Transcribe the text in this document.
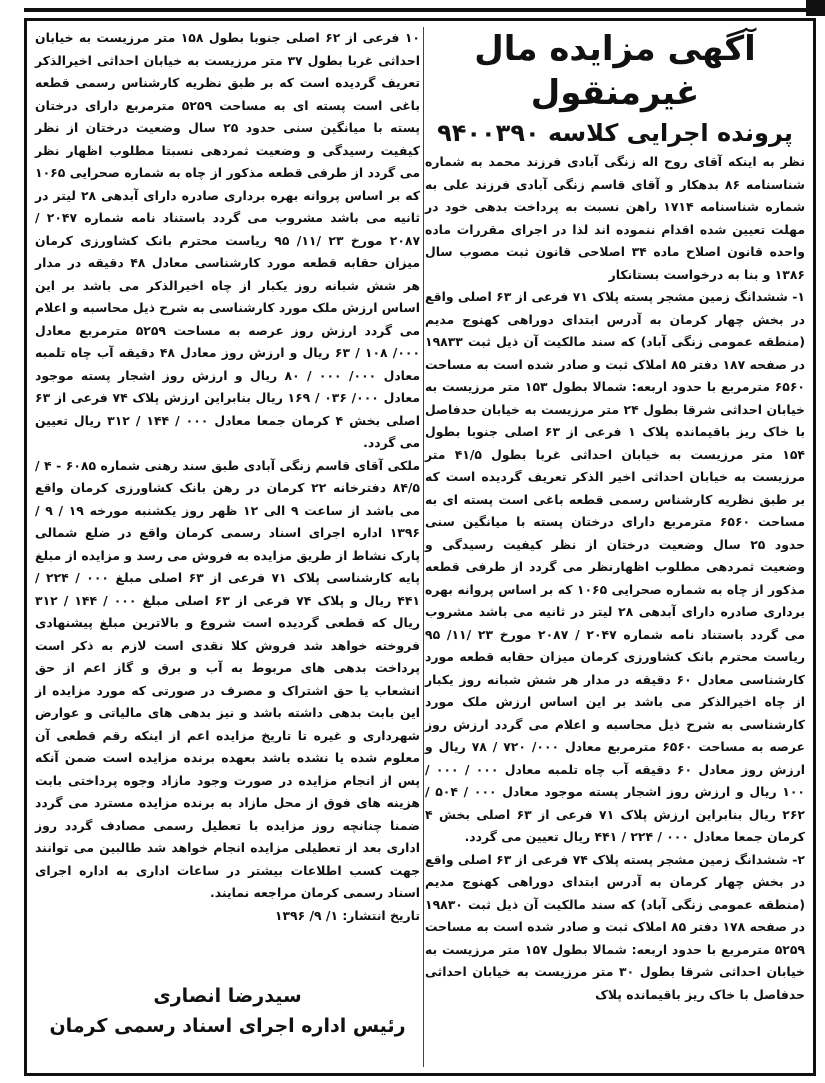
آگهی مزایده مال غیرمنقول

پرونده اجرایی کلاسه ۹۴۰۰۳۹۰

نظر به اینکه آقای روح اله زنگی آبادی فرزند محمد به شماره شناسنامه ۸۶ بدهکار و آقای قاسم زنگی آبادی فرزند علی به شماره شناسنامه ۱۷۱۴ راهن نسبت به پرداخت بدهی خود در مهلت تعیین شده اقدام ننموده اند لذا در اجرای مقررات ماده واحده قانون اصلاح ماده ۳۴ اصلاحی قانون ثبت مصوب سال ۱۳۸۶ و بنا به درخواست بستانکار

۱- ششدانگ زمین مشجر پسته پلاک ۷۱ فرعی از ۶۳ اصلی واقع در بخش چهار کرمان به آدرس ابتدای دوراهی کهنوج مدیم (منطقه عمومی زنگی آباد) که سند مالکیت آن ذیل ثبت ۱۹۸۳۳ در صفحه ۱۸۷ دفتر ۸۵ املاک ثبت و صادر شده است به مساحت ۶۵۶۰ مترمربع با حدود اربعه: شمالا بطول ۱۵۳ متر مرزیست به خیابان احداثی شرقا بطول ۲۴ متر مرزیست به خیابان حدفاصل با خاک ریز باقیمانده پلاک ۱ فرعی از ۶۳ اصلی جنوبا بطول ۱۵۴ متر مرزیست به خیابان احداثی غربا بطول ۴۱/۵ متر مرزیست به خیابان احداثی اخیر الذکر تعریف گردیده است که بر طبق نظریه کارشناس رسمی قطعه باغی است پسته ای به مساحت ۶۵۶۰ مترمربع دارای درختان پسته با میانگین سنی حدود ۲۵ سال وضعیت درختان از نظر کیفیت رسیدگی و وضعیت ثمردهی مطلوب اظهارنظر می گردد از طرفی قطعه مذکور از چاه به شماره صحرایی ۱۰۶۵ که بر اساس پروانه بهره برداری صادره دارای آبدهی ۲۸ لیتر در ثانیه می باشد مشروب می گردد باستناد نامه شماره ۲۰۴۷ / ۲۰۸۷ مورخ ۲۳ /۱۱/ ۹۵ ریاست محترم بانک کشاورزی کرمان میزان حقابه قطعه مورد کارشناسی معادل ۶۰ دقیقه در مدار هر شش شبانه روز یکبار از چاه اخیرالذکر می باشد بر این اساس ارزش ملک مورد کارشناسی به شرح ذیل محاسبه و اعلام می گردد ارزش روز عرصه به مساحت ۶۵۶۰ مترمربع معادل ۰۰۰/ ۷۲۰ / ۷۸ ریال و ارزش روز معادل ۶۰ دقیقه آب چاه تلمبه معادل ۰۰۰ / ۰۰۰ / ۱۰۰ ریال و ارزش روز اشجار پسته موجود معادل ۰۰۰ / ۵۰۴ / ۲۶۲ ریال بنابراین ارزش پلاک ۷۱ فرعی از ۶۳ اصلی بخش ۴ کرمان جمعا معادل ۰۰۰ / ۲۲۴ / ۴۴۱ ریال تعیین می گردد.

۲- ششدانگ زمین مشجر پسته پلاک ۷۴ فرعی از ۶۳ اصلی واقع در بخش چهار کرمان به آدرس ابتدای دوراهی کهنوج مدیم (منطقه عمومی زنگی آباد) که سند مالکیت آن ذیل ثبت ۱۹۸۳۰ در صفحه ۱۷۸ دفتر ۸۵ املاک ثبت و صادر شده است به مساحت ۵۲۵۹ مترمربع با حدود اربعه: شمالا بطول ۱۵۷ متر مرزیست به خیابان احداثی شرقا بطول ۳۰ متر مرزیست به خیابان احداثی حدفاصل با خاک ریز باقیمانده پلاک

۱۰ فرعی از ۶۲ اصلی جنوبا بطول ۱۵۸ متر مرزیست به خیابان احداثی غربا بطول ۳۷ متر مرزیست به خیابان احداثی اخیرالذکر تعریف گردیده است که بر طبق نظریه کارشناس رسمی قطعه باغی است پسته ای به مساحت ۵۲۵۹ مترمربع دارای درختان پسته با میانگین سنی حدود ۲۵ سال وضعیت درختان از نظر کیفیت رسیدگی و وضعیت ثمردهی نسبتا مطلوب اظهار نظر می گردد از طرفی قطعه مذکور از چاه به شماره صحرایی ۱۰۶۵ که بر اساس پروانه بهره برداری صادره دارای آبدهی ۲۸ لیتر در ثانیه می باشد مشروب می گردد باستناد نامه شماره ۲۰۴۷ / ۲۰۸۷ مورخ ۲۳ /۱۱/ ۹۵ ریاست محترم بانک کشاورزی کرمان میزان حقابه قطعه مورد کارشناسی معادل ۴۸ دقیقه در مدار هر شش شبانه روز یکبار از چاه اخیرالذکر می باشد بر این اساس ارزش ملک مورد کارشناسی به شرح ذیل محاسبه و اعلام می گردد ارزش روز عرصه به مساحت ۵۲۵۹ مترمربع معادل ۰۰۰/ ۱۰۸ / ۶۳ ریال و ارزش روز معادل ۴۸ دقیقه آب چاه تلمبه معادل ۰۰۰/ ۰۰۰ / ۸۰ ریال و ارزش روز اشجار پسته موجود معادل ۰۰۰/ ۰۳۶ / ۱۶۹ ریال بنابراین ارزش پلاک ۷۴ فرعی از ۶۳ اصلی بخش ۴ کرمان جمعا معادل ۰۰۰ / ۱۴۴ / ۳۱۲ ریال تعیین می گردد.

ملکی آقای قاسم زنگی آبادی طبق سند رهنی شماره ۶۰۸۵ - ۴ / ۸۴/۵ دفترخانه ۲۲ کرمان در رهن بانک کشاورزی کرمان واقع می باشد از ساعت ۹ الی ۱۲ ظهر روز یکشنبه مورخه ۱۹ / ۹ / ۱۳۹۶ اداره اجرای اسناد رسمی کرمان واقع در ضلع شمالی پارک نشاط از طریق مزایده به فروش می رسد و مزایده از مبلغ پایه کارشناسی پلاک ۷۱ فرعی از ۶۳ اصلی مبلغ ۰۰۰ / ۲۲۴ / ۴۴۱ ریال و پلاک ۷۴ فرعی از ۶۳ اصلی مبلغ ۰۰۰ / ۱۴۴ / ۳۱۲ ریال که قطعی گردیده است شروع و بالاترین مبلغ پیشنهادی فروخته خواهد شد فروش کلا نقدی است لازم به ذکر است پرداخت بدهی های مربوط به آب و برق و گاز اعم از حق انشعاب یا حق اشتراک و مصرف در صورتی که مورد مزایده از این بابت بدهی داشته باشد و نیز بدهی های مالیاتی و عوارض شهرداری و غیره تا تاریخ مزایده اعم از اینکه رقم قطعی آن معلوم شده یا نشده باشد بعهده برنده مزایده است ضمن آنکه پس از انجام مزایده در صورت وجود مازاد وجوه پرداختی بابت هزینه های فوق از محل مازاد به برنده مزایده مسترد می گردد ضمنا چنانچه روز مزایده با تعطیل رسمی مصادف گردد روز اداری بعد از تعطیلی مزایده انجام خواهد شد طالبین می توانند جهت کسب اطلاعات بیشتر در ساعات اداری به اداره اجرای اسناد رسمی کرمان مراجعه نمایند.

تاریخ انتشار: ۱/ ۹/ ۱۳۹۶

سیدرضا انصاری
رئیس اداره اجرای اسناد رسمی کرمان
